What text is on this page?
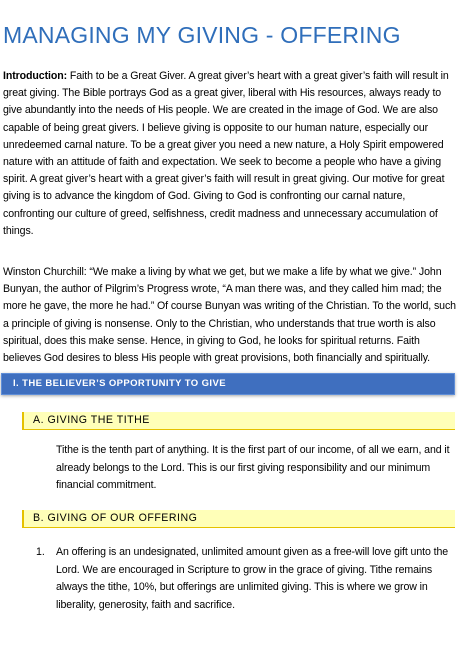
MANAGING MY GIVING - OFFERING

Introduction: Faith to be a Great Giver. A great giver’s heart with a great giver’s faith will result in great giving. The Bible portrays God as a great giver, liberal with His resources, always ready to give abundantly into the needs of His people. We are created in the image of God. We are also capable of being great givers. I believe giving is opposite to our human nature, especially our unredeemed carnal nature. To be a great giver you need a new nature, a Holy Spirit empowered nature with an attitude of faith and expectation. We seek to become a people who have a giving spirit. A great giver’s heart with a great giver’s faith will result in great giving. Our motive for great giving is to advance the kingdom of God. Giving to God is confronting our carnal nature, confronting our culture of greed, selfishness, credit madness and unnecessary accumulation of things.

Winston Churchill: “We make a living by what we get, but we make a life by what we give.” John Bunyan, the author of Pilgrim’s Progress wrote, “A man there was, and they called him mad; the more he gave, the more he had.” Of course Bunyan was writing of the Christian. To the world, such a principle of giving is nonsense. Only to the Christian, who understands that true worth is also spiritual, does this make sense. Hence, in giving to God, he looks for spiritual returns. Faith believes God desires to bless His people with great provisions, both financially and spiritually.

I. THE BELIEVER’S OPPORTUNITY TO GIVE
A. GIVING THE TITHE

Tithe is the tenth part of anything. It is the first part of our income, of all we earn, and it already belongs to the Lord. This is our first giving responsibility and our minimum financial commitment.

B. GIVING OF OUR OFFERING
1. An offering is an undesignated, unlimited amount given as a free-will love gift unto the Lord. We are encouraged in Scripture to grow in the grace of giving. Tithe remains always the tithe, 10%, but offerings are unlimited giving. This is where we grow in liberality, generosity, faith and sacrifice.
